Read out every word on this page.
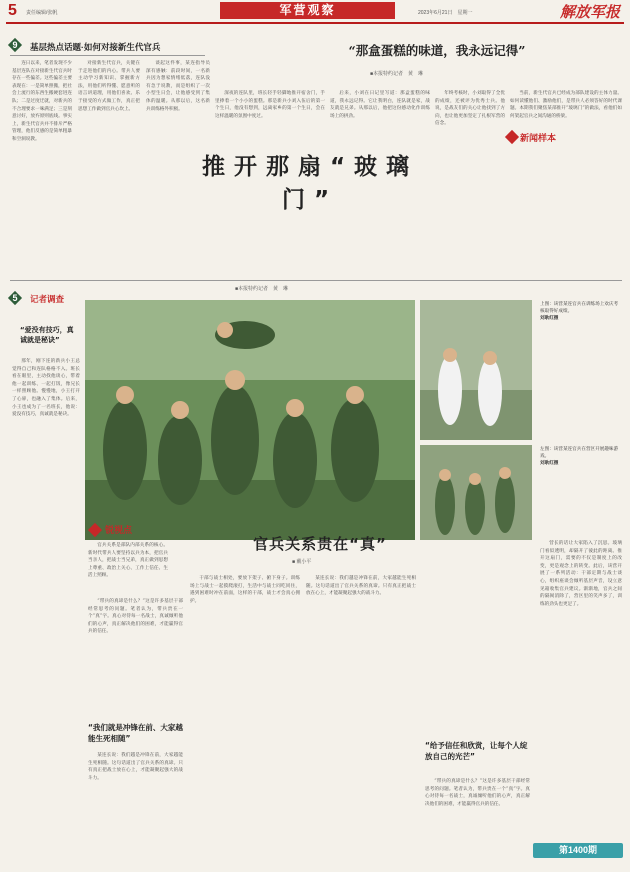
5 责任编辑/张帆	军营观察	2023年6月21日　星期一	解放军报
9	基层热点话题·如何对接新生代官兵

连日以来，笔者发现不少基层连队在对接新生代官兵时存在一些偏差。这些偏差主要表现在：一是简单照搬，把社会上流行的东西生搬硬套进连队；二是过度迁就，对新兵的不合理要求一味满足；三是刻意讨好，放弃原则底线。事实上，新生代官兵并不排斥严格管理，他们反感的是简单粗暴和空洞说教。

对接新生代官兵，关键在于走进他们的内心。带兵人要主动学习新知识、掌握新方法，用他们听得懂、愿意听的语言讲道理，用他们喜欢、乐于接受的方式做工作，真正把思想工作做到官兵心坎上。

谈起这件事，某连指导员深有感触：前段时间，一名新兵因为想家情绪低落，连队没有急于说教，而是组织了一次小型生日会，让他感受到了集体的温暖。从那以后，这名新兵训练格外积极。

“那盒蛋糕的味道，我永远记得”
■本报特约记者　黄　琳

深夜的连队里，班长轻手轻脚地推开宿舍门，手里捧着一个小小的蛋糕。那是新兵小刘入伍后的第一个生日，他没有想到，远离家乡的第一个生日，会在这样温暖的氛围中度过。

后来，小刘在日记里写道：那盒蛋糕的味道，我永远记得。它让我明白，连队就是家，战友就是兄弟。从那以后，他把这份感动化作训练场上的拼劲。

年终考核时，小刘取得了全优的成绩，还被评为优秀士兵。他说，是战友们的关心让他找到了方向，也让他更加坚定了扎根军营的信念。

新闻样本

当前，新生代官兵已经成为部队建设的主体力量。如何读懂他们、激励他们，是带兵人必须答好的时代课题。本期我们聚焦某部推开“玻璃门”的做法，看他们如何架起官兵之间沟通的桥梁。

推开那扇“玻璃门”
■本报特约记者　黄　琳
5	记者调查
“爱没有技巧，真诚就是秘诀”

那年，刚下连的新兵小王总觉得自己和连队格格不入。班长看在眼里，主动找他谈心，带着他一起训练、一起打饭，像兄长一样照顾他。慢慢地，小王打开了心扉，也融入了集体。后来，小王也成为了一名班长，他说：爱没有技巧，真诚就是秘诀。

上图：该营某连官兵在训练场上欢庆考核取得好成绩。
刘耿红摄
左图：该营某连官兵在营区开展趣味游戏。
刘耿红摄

营长的话让大家陷入了沉思。玻璃门看似透明，却隔开了彼此的距离。推开这扇门，需要的不仅是制度上的改变，更是观念上的转变。此后，该营开展了一系列活动：干部定期与战士谈心，组织座谈会倾听基层声音，设立意见箱收集官兵建议。渐渐地，官兵之间的隔阂消除了，营区里的笑声多了，训练的劲头也更足了。

锐视点

官兵关系是部队内部关系的核心。新时代带兵人要坚持以兵为本，把官兵当亲人，把战士当兄弟，真正做到思想上尊重、政治上关心、工作上信任、生活上照顾。

官兵关系贵在“真”
■ 戴小平

“带兵的真谛是什么？”这是许多基层干部经常思考的问题。笔者认为，带兵贵在一个“真”字。真心对待每一名战士，真诚倾听他们的心声，真正解决他们的困难，才能赢得官兵的信任。

“我们就是冲锋在前、大家越能生死相随”

某连长说：我们越是冲锋在前，大家越能生死相随。这句话道出了官兵关系的真谛。只有真正把战士放在心上，才能凝聚起强大的战斗力。

干部与战士相处，要放下架子、俯下身子。训练场上与战士一起摸爬滚打，生活中与战士同吃同住，遇到困难时冲在前面，这样的干部，战士才会真心拥护。

某连长说：我们越是冲锋在前，大家越能生死相随。这句话道出了官兵关系的真谛。只有真正把战士放在心上，才能凝聚起强大的战斗力。

“给予信任和欣赏，让每个人绽放自己的光芒”

“带兵的真谛是什么？”这是许多基层干部经常思考的问题。笔者认为，带兵贵在一个“真”字。真心对待每一名战士，真诚倾听他们的心声，真正解决他们的困难，才能赢得官兵的信任。

第1400期
